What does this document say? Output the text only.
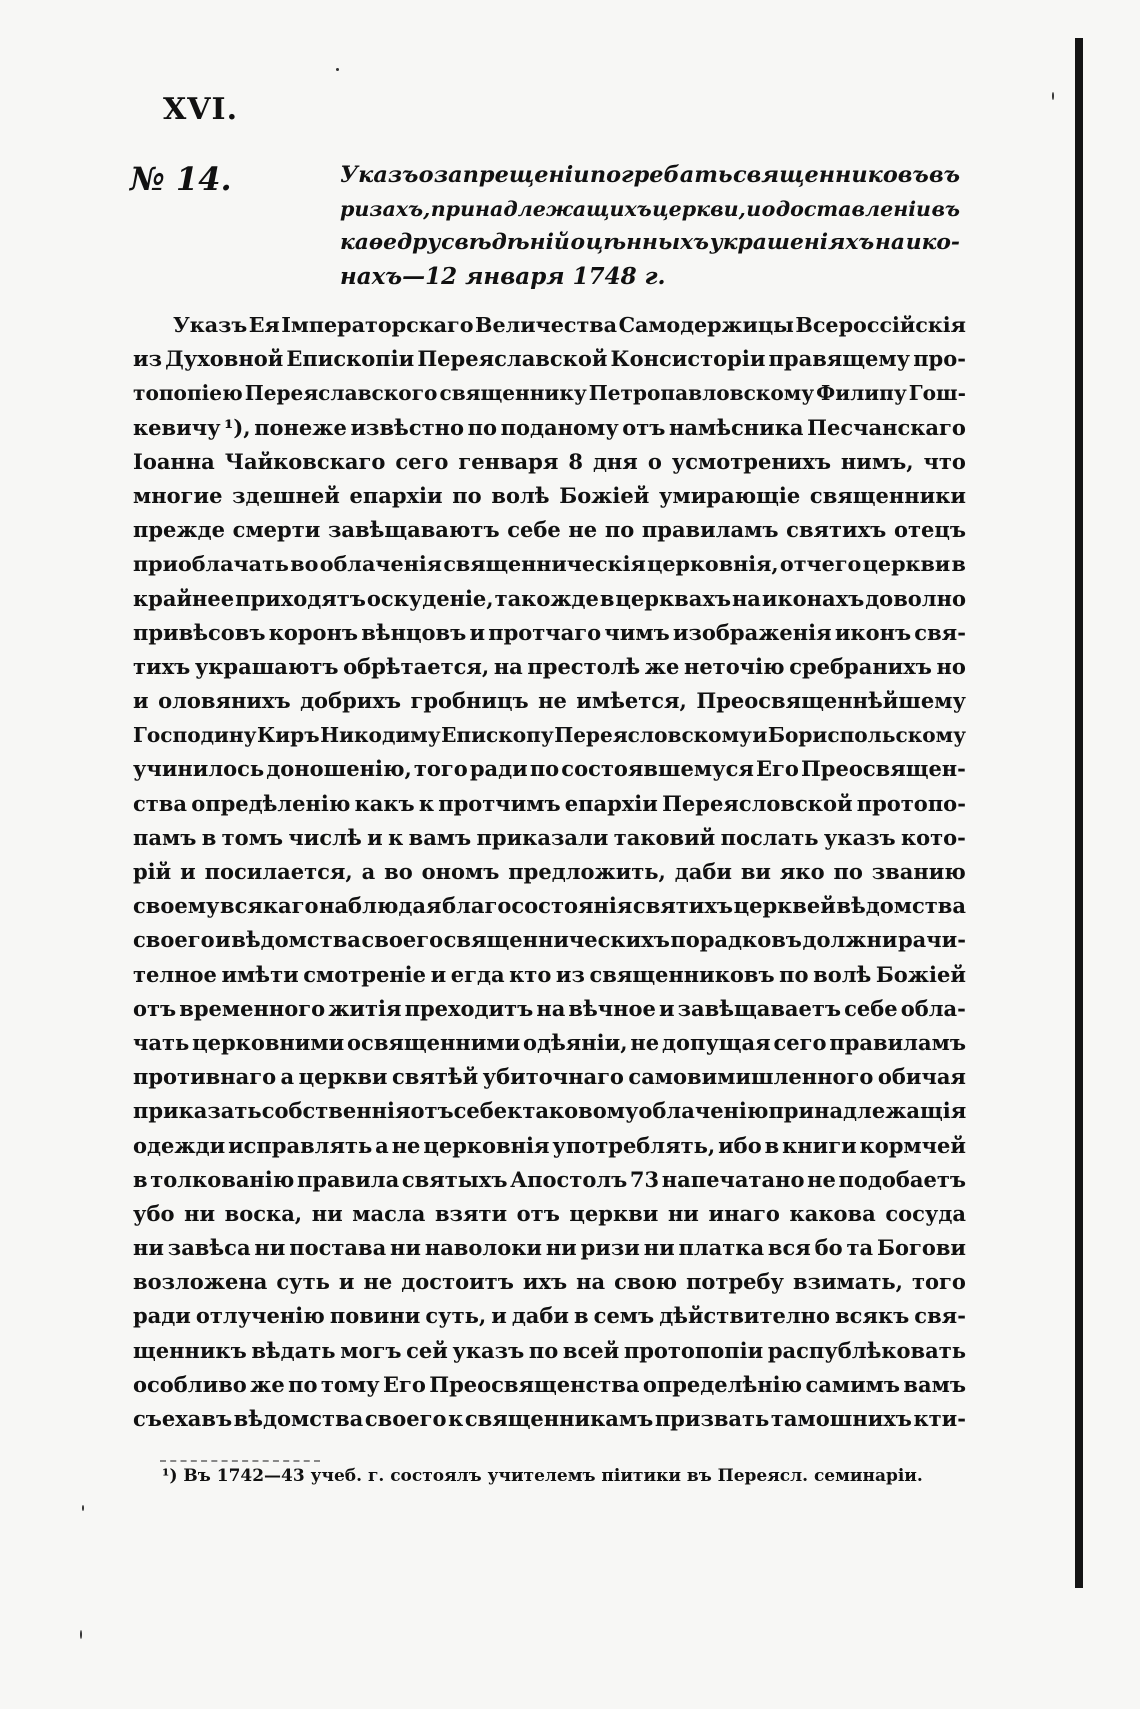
XVI.
№ 14.	Указъ о запрещеніи погребать священниковъ въ
ризахъ, принадлежащихъ церкви, и о доставленіи въ
каѳедру свѣдѣній о цѣнныхъ украшеніяхъ на ико-
нахъ—12 января 1748 г.
Указъ Ея Імператорскаго Величества Самодержицы Всероссійскія
из Духовной Епископіи Переяславской Консисторіи правящему про-
топопіею Переяславского священнику Петропавловскому Филипу Гош-
кевичу ¹), понеже извѣстно по поданому отъ намѣсника Песчанскаго
Іоанна Чайковскаго сего генваря 8 дня о усмотренихъ нимъ, что
многие здешней епархіи по волѣ Божіей умирающіе священники
прежде смерти завѣщаваютъ себе не по правиламъ святихъ отецъ
приоблачать во облаченія священническія церковнія, отчего церкви в
крайнее приходятъ оскуденіе, такожде в церквахъ на иконахъ доволно
привѣсовъ коронъ вѣнцовъ и протчаго чимъ изображенія иконъ свя-
тихъ украшаютъ обрѣтается, на престолѣ же неточію сребранихъ но
и оловянихъ добрихъ гробницъ не имѣется, Преосвященнѣйшему
Господину Киръ Никодиму Епископу Переясловскому и Бориспольскому
учинилось доношенію, того ради по состоявшемуся Его Преосвящен-
ства опредѣленію какъ к протчимъ епархіи Переясловской протопо-
памъ в томъ числѣ и к вамъ приказали таковий послать указъ кото-
рій и посилается, а во ономъ предложить, даби ви яко по званию
своему всякаго наблюдая благосостоянія святихъ церквей вѣдомства
своего и вѣдомства своего священническихъ порадковъ должни рачи-
телное имѣти смотреніе и егда кто из священниковъ по волѣ Божіей
отъ временного житія преходитъ на вѣчное и завѣщаваетъ себе обла-
чать церковними освященними одѣяніи, не допущая сего правиламъ
противнаго а церкви святѣй убиточнаго самовимишленного обичая
приказать собственнія отъ себе к таковому облаченію принадлежащія
одежди исправлять а не церковнія употреблять, ибо в книги кормчей
в толкованію правила святыхъ Апостолъ 73 напечатано не подобаетъ
убо ни воска, ни масла взяти отъ церкви ни инаго какова сосуда
ни завѣса ни постава ни наволоки ни ризи ни платка вся бо та Богови
возложена суть и не достоитъ ихъ на свою потребу взимать, того
ради отлученію повини суть, и даби в семъ дѣйствително всякъ свя-
щенникъ вѣдать могъ сей указъ по всей протопопіи распублѣковать
особливо же по тому Его Преосвященства определѣнію самимъ вамъ
съехавъ вѣдомства своего к священникамъ призвать тамошнихъ кти-
¹) Въ 1742—43 учеб. г. состоялъ учителемъ піитики въ Переясл. семинаріи.
